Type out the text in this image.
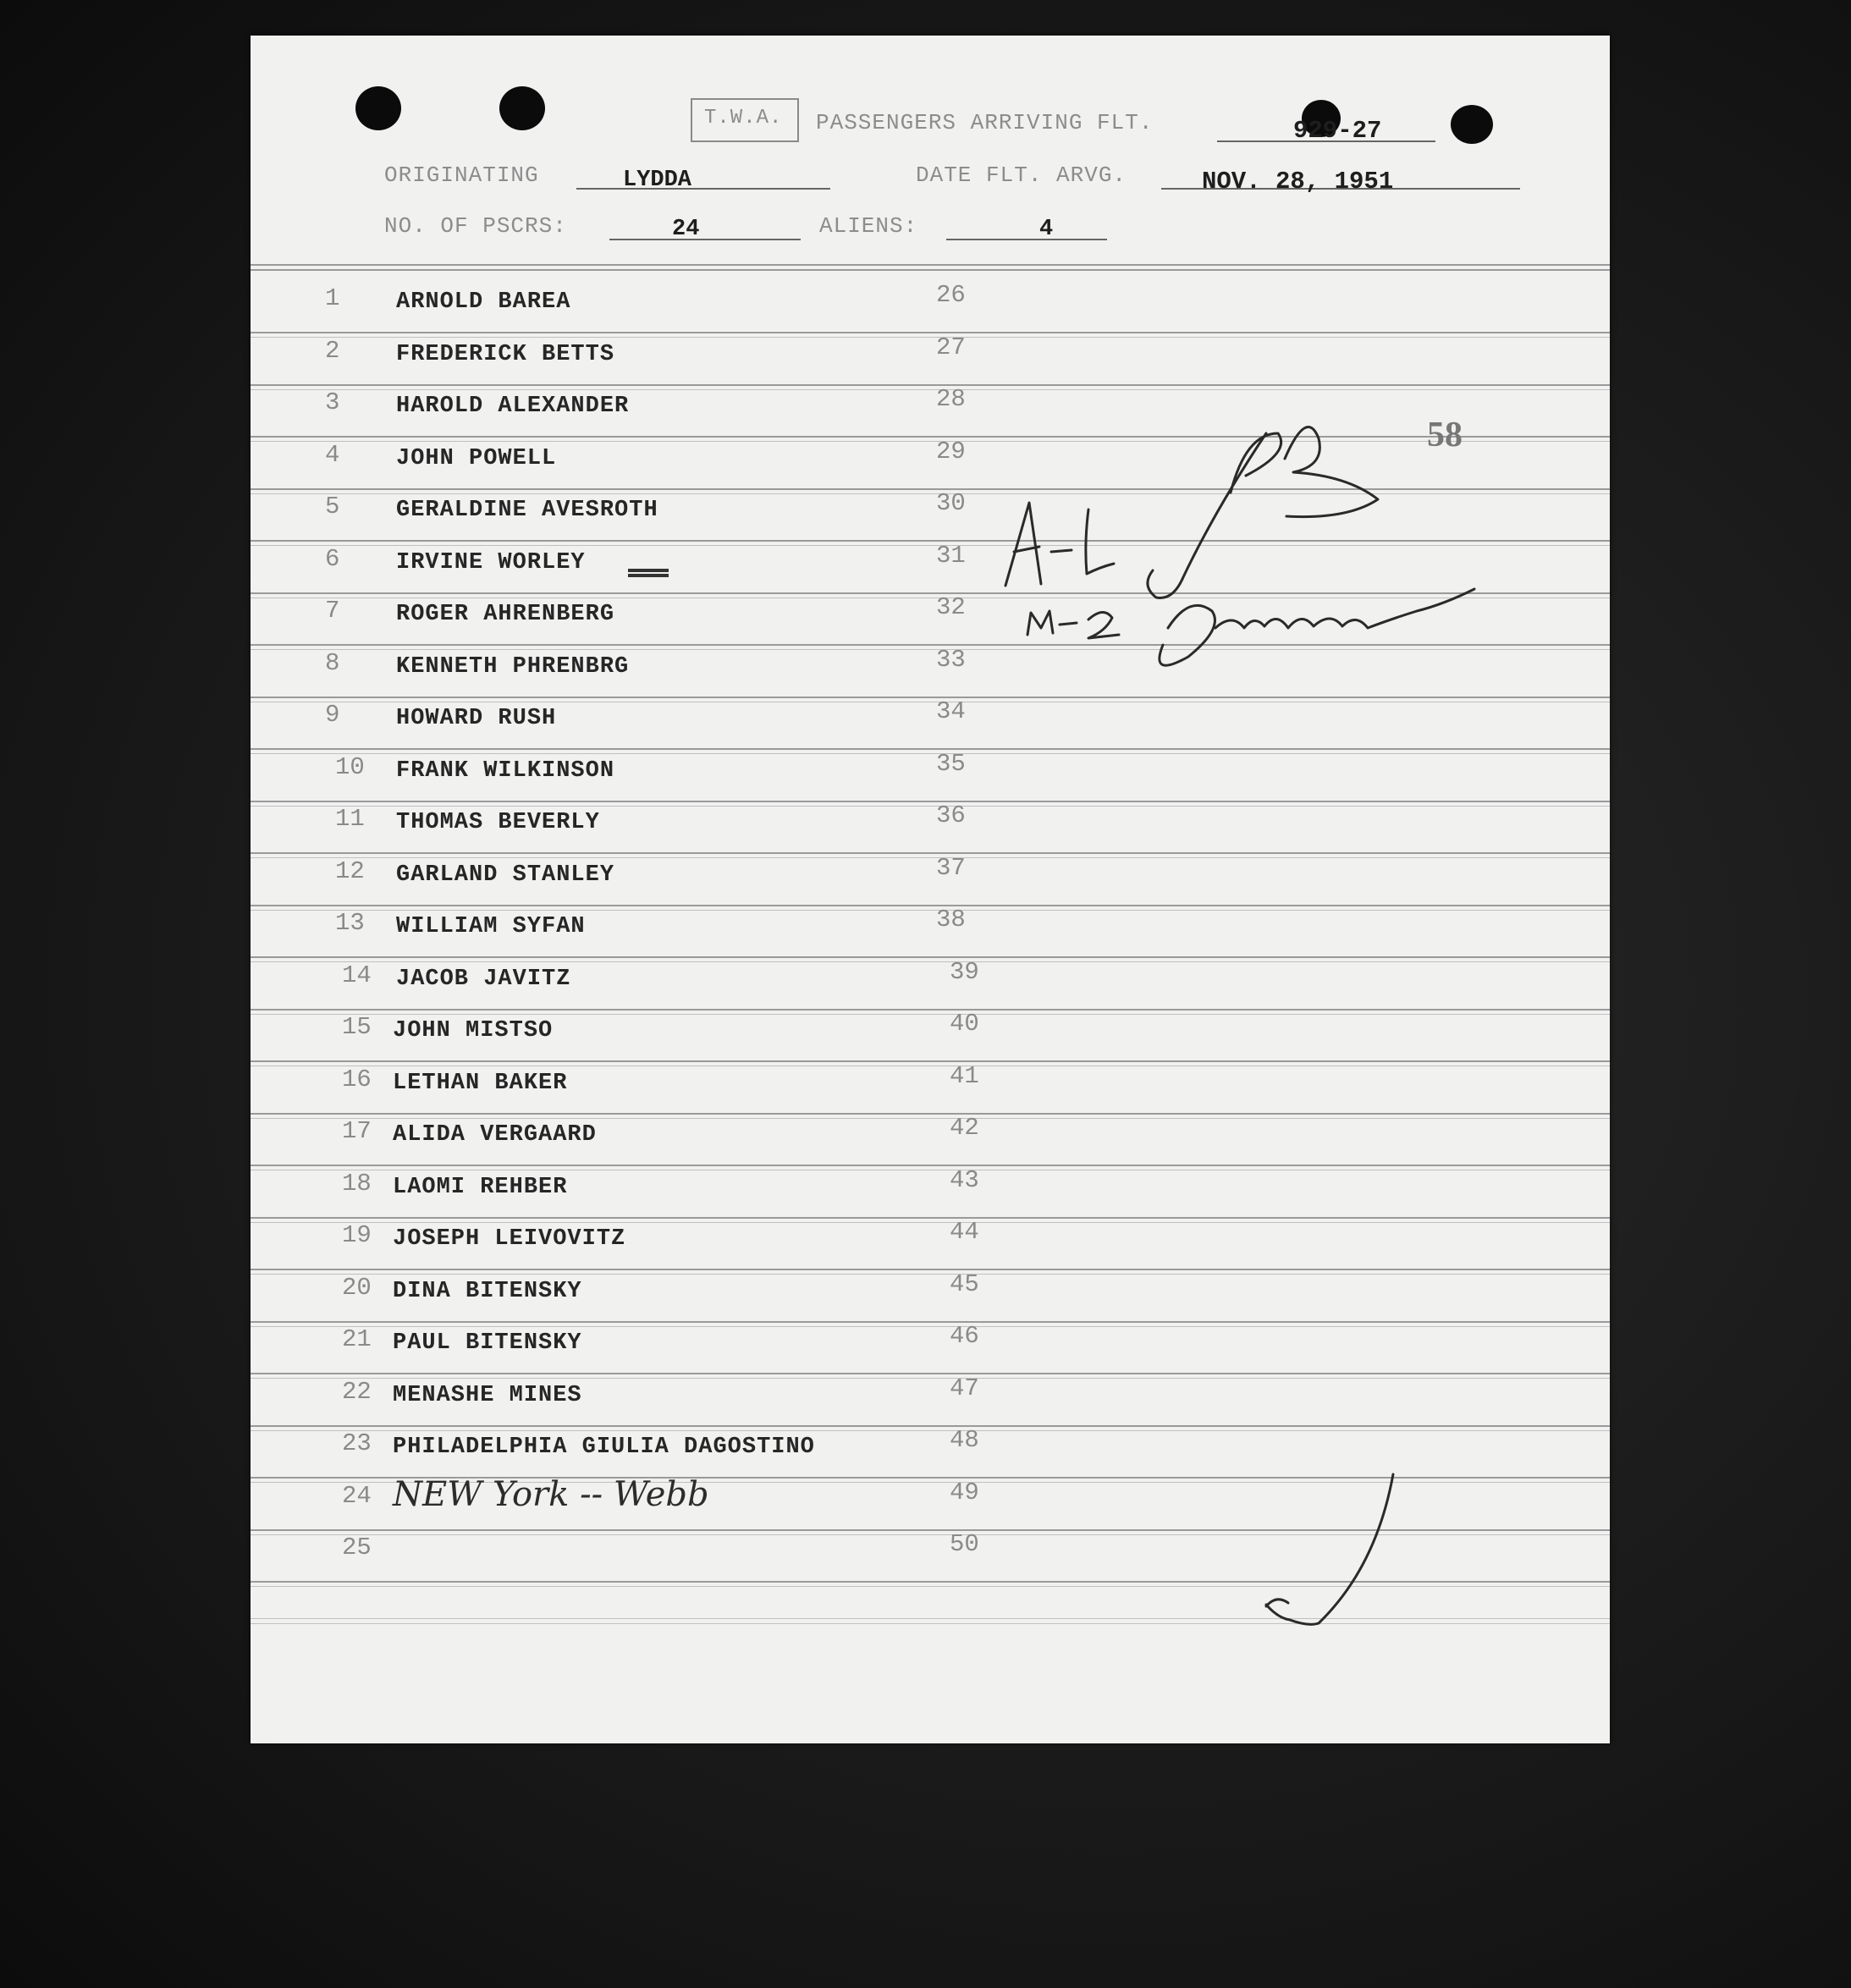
T.W.A. PASSENGERS ARRIVING FLT.	929-27
ORIGINATING	LYDDA	DATE FLT. ARVG.	NOV. 28, 1951
NO. OF PSCRS:	24	ALIENS:	4
1 ARNOLD BAREA	26
2 FREDERICK BETTS	27
3 HAROLD ALEXANDER	28
4 JOHN POWELL	29
5 GERALDINE AVESROTH	30
6 IRVINE WORLEY	31
7 ROGER AHRENBERG	32
8 KENNETH PHRENBRG	33
9 HOWARD RUSH	34
10 FRANK WILKINSON	35
11 THOMAS BEVERLY	36
12 GARLAND STANLEY	37
13 WILLIAM SYFAN	38
14 JACOB JAVITZ	39
15 JOHN MISTSO	40
16 LETHAN BAKER	41
17 ALIDA VERGAARD	42
18 LAOMI REHBER	43
19 JOSEPH LEIVOVITZ	44
20 DINA BITENSKY	45
21 PAUL BITENSKY	46
22 MENASHE MINES	47
23 PHILADELPHIA GIULIA DAGOSTINO	48
24 NEW York -- Webb	49
25	50
58
